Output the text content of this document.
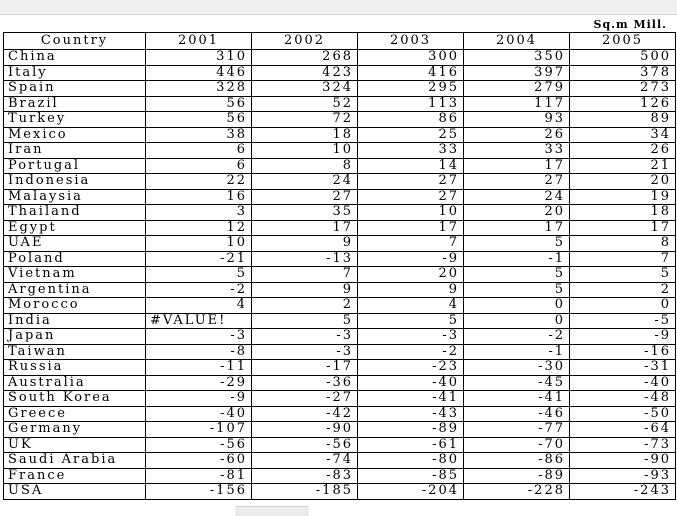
Sq.m Mill.
Country	2001	2002	2003	2004	2005
China	310	268	300	350	500
Italy	446	423	416	397	378
Spain	328	324	295	279	273
Brazil	56	52	113	117	126
Turkey	56	72	86	93	89
Mexico	38	18	25	26	34
Iran	6	10	33	33	26
Portugal	6	8	14	17	21
Indonesia	22	24	27	27	20
Malaysia	16	27	27	24	19
Thailand	3	35	10	20	18
Egypt	12	17	17	17	17
UAE	10	9	7	5	8
Poland	-21	-13	-9	-1	7
Vietnam	5	7	20	5	5
Argentina	-2	9	9	5	2
Morocco	4	2	4	0	0
India	#VALUE!	5	5	0	-5
Japan	-3	-3	-3	-2	-9
Taiwan	-8	-3	-2	-1	-16
Russia	-11	-17	-23	-30	-31
Australia	-29	-36	-40	-45	-40
South Korea	-9	-27	-41	-41	-48
Greece	-40	-42	-43	-46	-50
Germany	-107	-90	-89	-77	-64
UK	-56	-56	-61	-70	-73
Saudi Arabia	-60	-74	-80	-86	-90
France	-81	-83	-85	-89	-93
USA	-156	-185	-204	-228	-243
